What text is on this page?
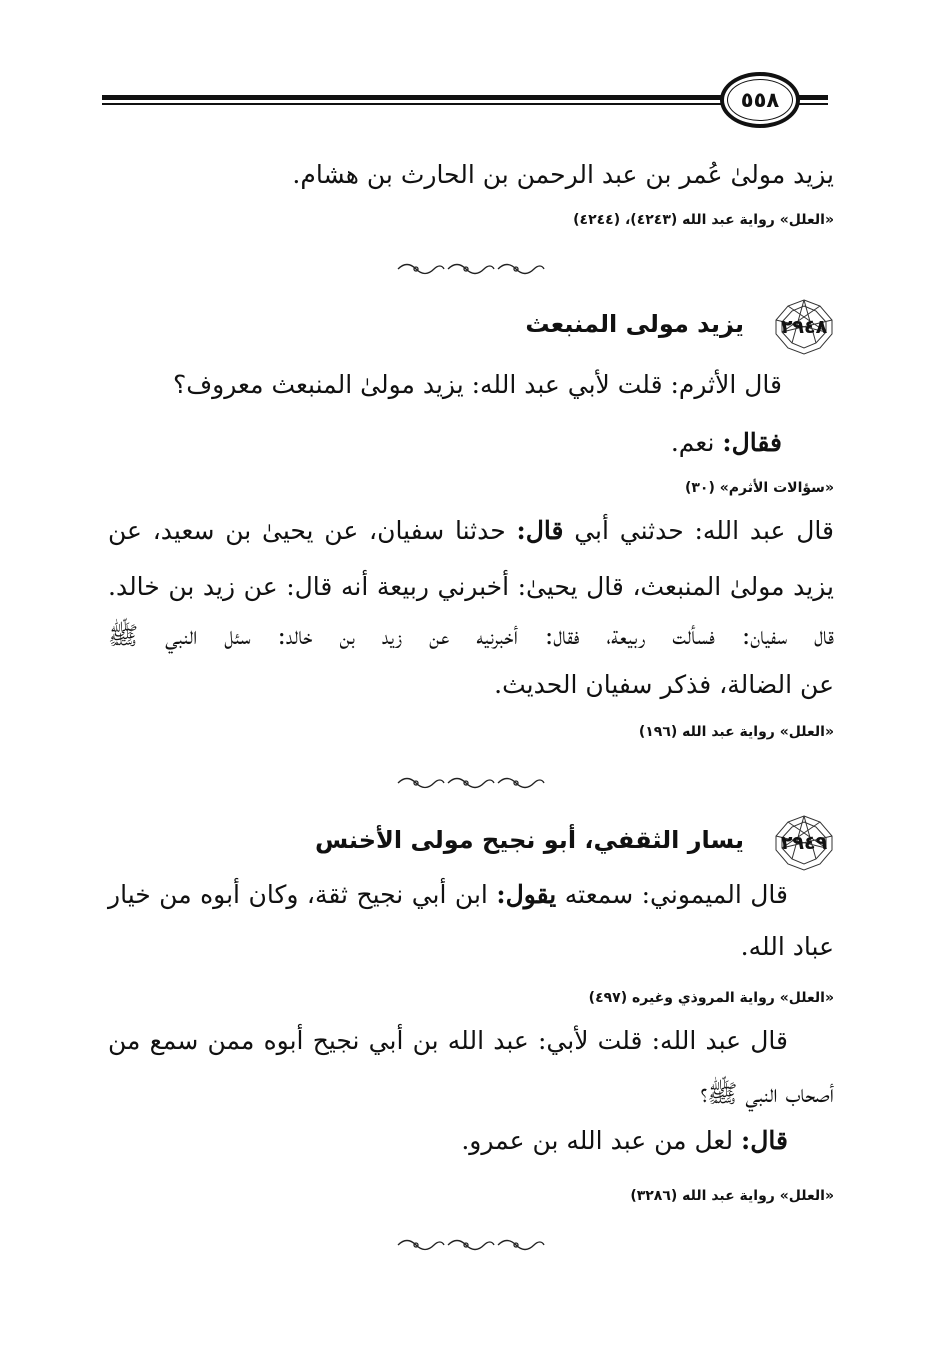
٥٥٨
يزيد مولىٰ عُمر بن عبد الرحمن بن الحارث بن هشام.
«العلل» رواية عبد الله (٤٢٤٣)، (٤٢٤٤)
٢٩٤٨
يزيد مولى المنبعث
قال الأثرم: قلت لأبي عبد الله: يزيد مولىٰ المنبعث معروف؟
فقال: نعم.
«سؤالات الأثرم» (٣٠)
قال عبد الله: حدثني أبي قال: حدثنا سفيان، عن يحيىٰ بن سعيد، عن
يزيد مولىٰ المنبعث، قال يحيىٰ: أخبرني ربيعة أنه قال: عن زيد بن خالد.
قال سفيان: فسألت ربيعة، فقال: أخبرنيه عن زيد بن خالد: سئل النبي ﷺ
عن الضالة، فذكر سفيان الحديث.
«العلل» رواية عبد الله (١٩٦)
٢٩٤٩
يسار الثقفي، أبو نجيح مولى الأخنس
قال الميموني: سمعته يقول: ابن أبي نجيح ثقة، وكان أبوه من خيار
عباد الله.
«العلل» رواية المروذي وغيره (٤٩٧)
قال عبد الله: قلت لأبي: عبد الله بن أبي نجيح أبوه ممن سمع من
أصحاب النبي ﷺ؟
قال: لعل من عبد الله بن عمرو.
«العلل» رواية عبد الله (٣٢٨٦)
